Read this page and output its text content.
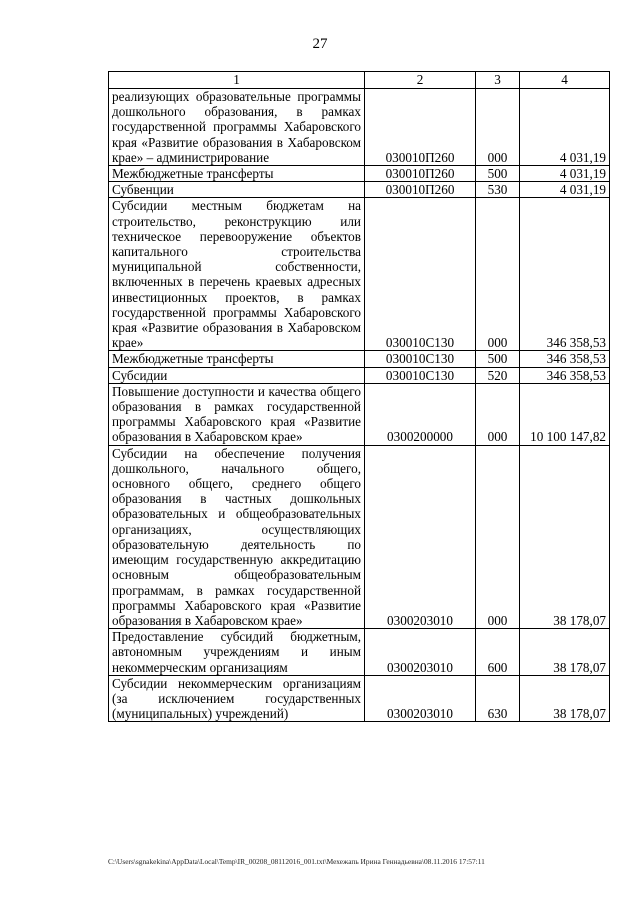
27
1	2	3	4
реализующих образовательные программы дошкольного образования, в рамках государственной программы Хабаровского края «Развитие образования в Хабаровском крае» – администрирование	030010П260	000	4 031,19
Межбюджетные трансферты	030010П260	500	4 031,19
Субвенции	030010П260	530	4 031,19
Субсидии местным бюджетам на строительство, реконструкцию или техническое перевооружение объектов капитального строительства муниципальной собственности, включенных в перечень краевых адресных инвестиционных проектов, в рамках государственной программы Хабаровского края «Развитие образования в Хабаровском крае»	030010С130	000	346 358,53
Межбюджетные трансферты	030010С130	500	346 358,53
Субсидии	030010С130	520	346 358,53
Повышение доступности и качества общего образования в рамках государственной программы Хабаровского края «Развитие образования в Хабаровском крае»	0300200000	000	10 100 147,82
Субсидии на обеспечение получения дошкольного, начального общего, основного общего, среднего общего образования в частных дошкольных образовательных и общеобразовательных организациях, осуществляющих образовательную деятельность по имеющим государственную аккредитацию основным общеобразовательным программам, в рамках государственной программы Хабаровского края «Развитие образования в Хабаровском крае»	0300203010	000	38 178,07
Предоставление субсидий бюджетным, автономным учреждениям и иным некоммерческим организациям	0300203010	600	38 178,07
Субсидии некоммерческим организациям (за исключением государственных (муниципальных) учреждений)	0300203010	630	38 178,07
C:\Users\sgnakekina\AppData\Local\Temp\IR_00208_08112016_001.txt\Мехежапь Ирина Геннадьевна\08.11.2016 17:57:11
